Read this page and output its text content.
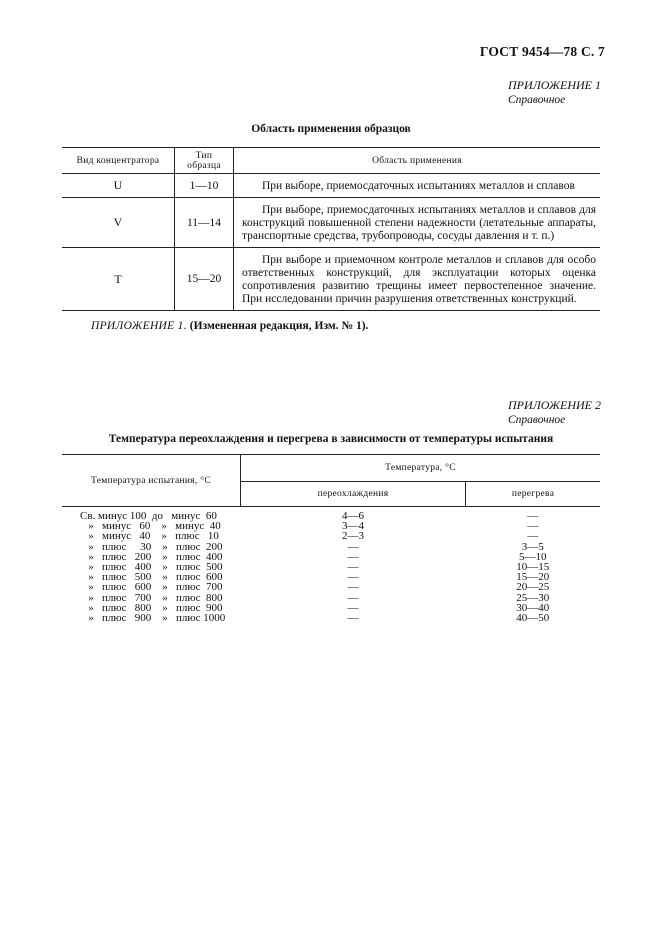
ГОСТ 9454—78 С. 7
ПРИЛОЖЕНИЕ 1

Справочное
Область применения образцов
Вид концентратора	Тип образца	Область применения
U	1—10	При выборе, приемосдаточных испытаниях металлов и сплавов
V	11—14	При выборе, приемосдаточных испытаниях металлов и сплавов для конструкций повышенной степени надежности (летательные аппараты, транспортные средства, трубопроводы, сосуды давления и т. п.)
Т	15—20	При выборе и приемочном контроле металлов и сплавов для особо ответственных конструкций, для эксплуатации которых оценка сопротивления развитию трещины имеет первостепенное значение. При исследовании причин разрушения ответственных конструкций.
ПРИЛОЖЕНИЕ 1. (Измененная редакция, Изм. № 1).
ПРИЛОЖЕНИЕ 2

Справочное
Температура переохлаждения и перегрева в зависимости от температуры испытания
Температура испытания, °С	Температура, °С	
	переохлаждения	перегрева
Св. минус 100  до   минус  60	4—6	—
»   минус   60    »   минус  40	3—4	—
»   минус   40    »   плюс   10	2—3	—
»   плюс     30    »   плюс  200	—	3—5
»   плюс   200    »   плюс  400	—	5—10
»   плюс   400    »   плюс  500	—	10—15
»   плюс   500    »   плюс  600	—	15—20
»   плюс   600    »   плюс  700	—	20—25
»   плюс   700    »   плюс  800	—	25—30
»   плюс   800    »   плюс  900	—	30—40
»   плюс   900    »   плюс 1000	—	40—50
